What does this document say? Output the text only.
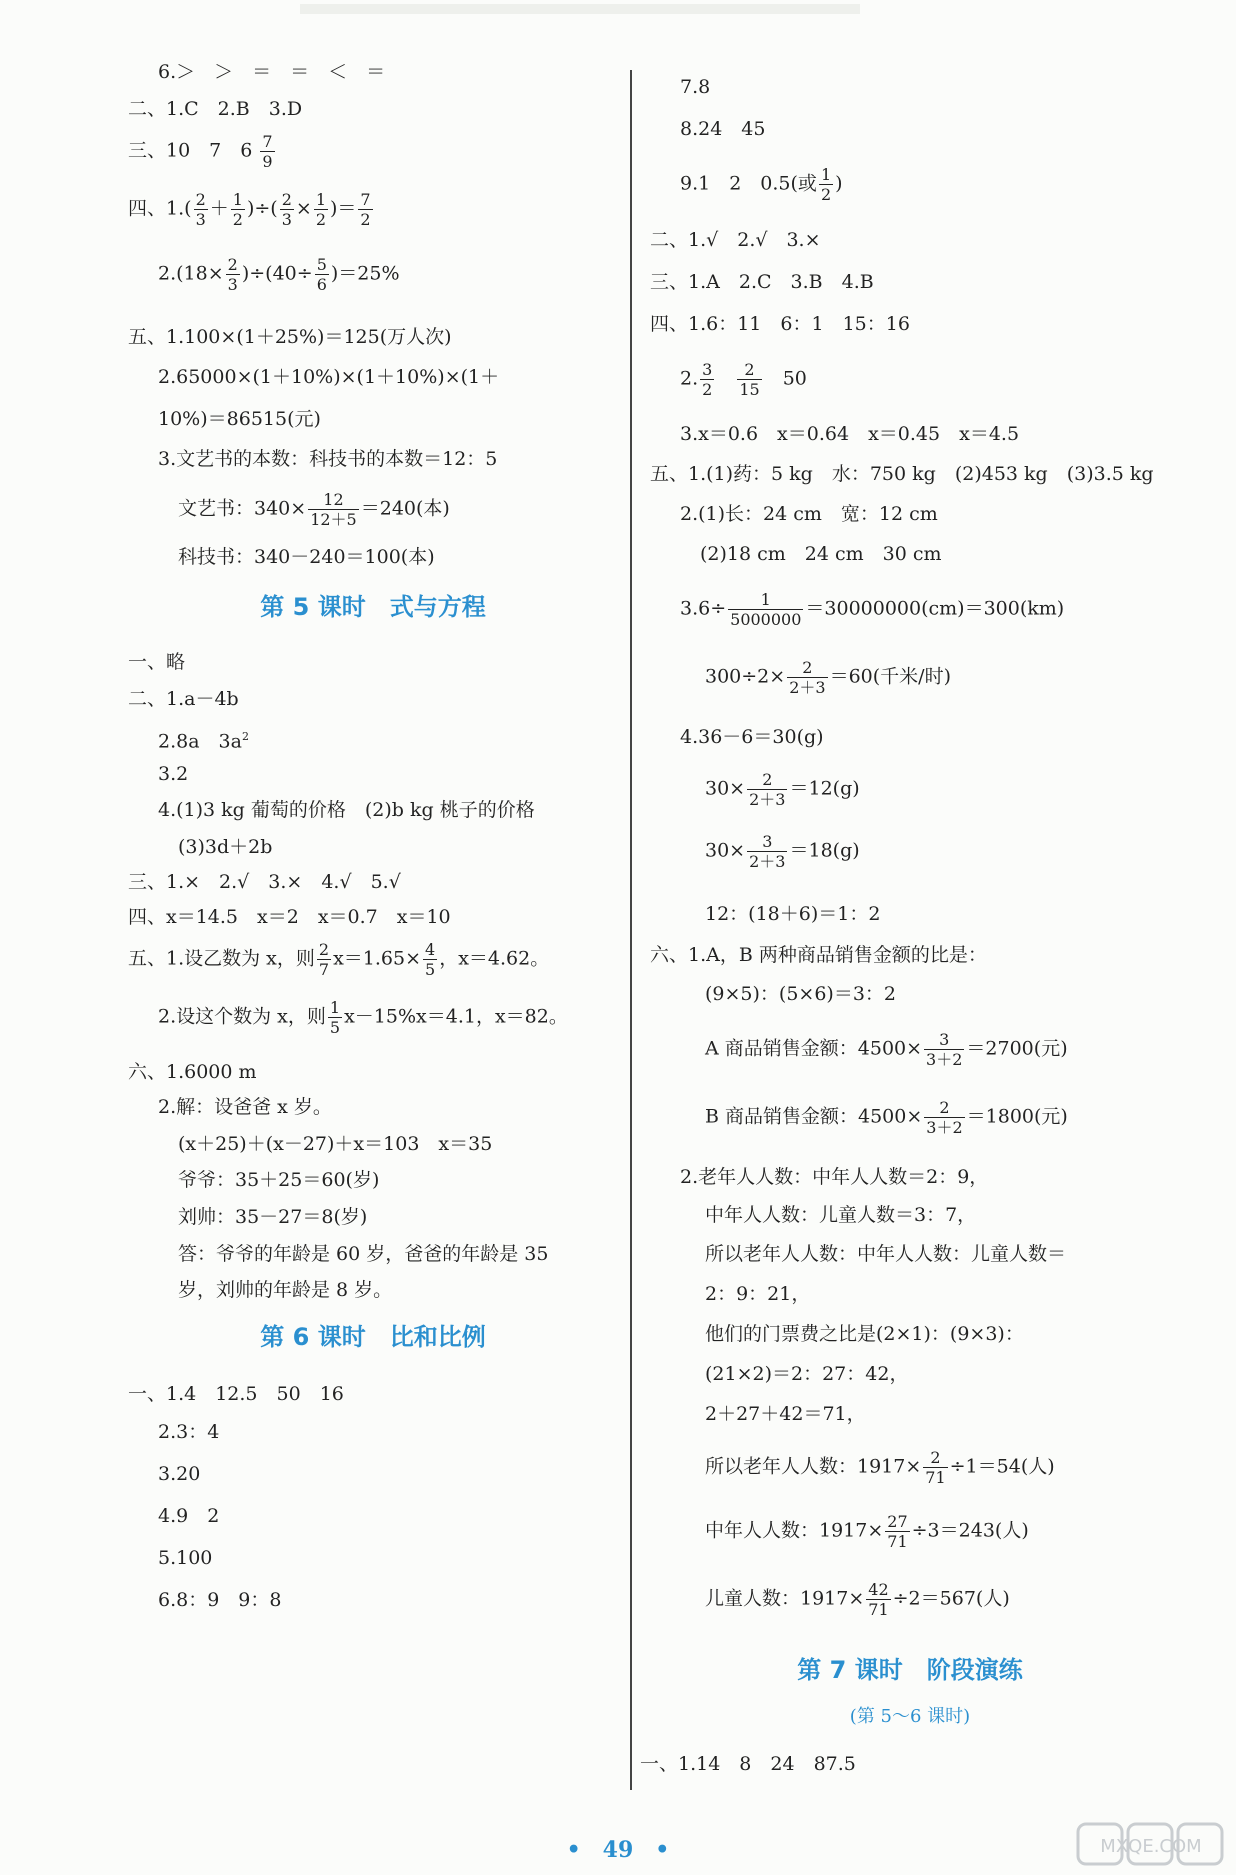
6.＞　＞　＝　＝　＜　＝
二、1.C　2.B　3.D
三、10　7　$6 \frac{7}{9}$
四、$1.( \frac{2}{3} + \frac{1}{2}$ )÷( $\frac{2}{3} \times \frac{1}{2}$ )＝ $\frac{7}{2}$
$2.(18\times \frac{2}{3} )\div(40\div \frac{5}{6} )=25\%$
五、1.100×(1＋25%)＝125(万人次)
2.65000×(1＋10%)×(1＋10%)×(1＋
10%)＝86515(元)
3.文艺书的本数：科技书的本数＝12：5
文艺书：$340\times \frac{12}{12+5} =240$(本)
科技书：340－240＝100(本)
第 5 课时　式与方程
一、略
二、1.a－4b
2.8a　$3a^2$
3.2
4.(1)3 kg 葡萄的价格　(2)b kg 桃子的价格
(3)3d＋2b
三、1.×　2.√　3.×　4.√　5.√
四、x＝14.5　x＝2　x＝0.7　x＝10
五、1.设乙数为 x，则 $\frac{2}{7} x=1.65\times \frac{4}{5}$ ，x＝4.62。
2.设这个数为 x，则 $\frac{1}{5} x-15\%x=4.1$，x＝82。
六、1.6000 m
2.解：设爸爸 x 岁。
(x＋25)＋(x－27)＋x＝103　x＝35
爷爷：35＋25＝60(岁)
刘帅：35－27＝8(岁)
答：爷爷的年龄是 60 岁，爸爸的年龄是 35
岁，刘帅的年龄是 8 岁。
第 6 课时　比和比例
一、1.4　12.5　50　16
2.3：4
3.20
4.9　2
5.100
6.8：9　9：8
7.8
8.24　45
9.1　2　0.5(或 $\frac{1}{2}$ )
二、1.√　2.√　3.×
三、1.A　2.C　3.B　4.B
四、1.6：11　6：1　15：16
2. $\frac{3}{2}$
　 $\frac{2}{15}$
　 50
3.x＝0.6　x＝0.64　x＝0.45　x＝4.5
五、1.(1)药：5 kg　水：750 kg　(2)453 kg　(3)3.5 kg
2.(1)长：24 cm　宽：12 cm
(2)18 cm　24 cm　30 cm
$3.6\div \frac{1}{5000000} =30000000(cm)=300(km)$
$300\div 2\times \frac{2}{2+3} =60$(千米/时)
4.36－6＝30(g)
$30\times \frac{2}{2+3} =12(g)$
$30\times \frac{3}{2+3} =18(g)$
12：(18＋6)＝1：2
六、1.A，B 两种商品销售金额的比是：
(9×5)：(5×6)＝3：2
A 商品销售金额：$4500\times \frac{3}{3+2} =2700$(元)
B 商品销售金额：$4500\times \frac{2}{3+2} =1800$(元)
2.老年人人数：中年人人数＝2：9，
中年人人数：儿童人数＝3：7，
所以老年人人数：中年人人数：儿童人数＝
2：9：21，
他们的门票费之比是(2×1)：(9×3)：
(21×2)＝2：27：42，
2＋27＋42＝71，
所以老年人人数：$1917\times \frac{2}{71} \div 1=54$(人)
中年人人数：$1917\times \frac{27}{71} \div 3=243$(人)
儿童人数：$1917\times \frac{42}{71} \div 2=567$(人)
第 7 课时　阶段演练
(第 5～6 课时)
一、1.14　8　24　87.5
•　49　•	MXQE.COM
